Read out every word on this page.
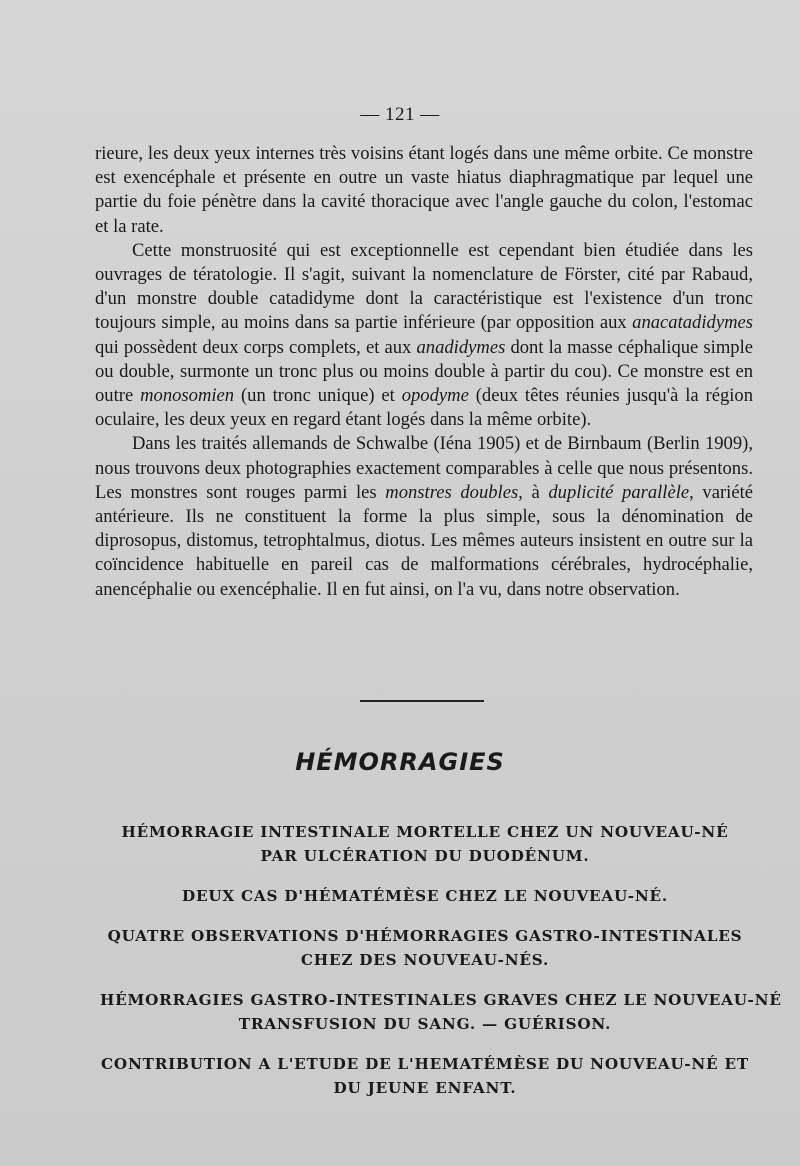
— 121 —

rieure, les deux yeux internes très voisins étant logés dans une même orbite. Ce monstre est exencéphale et présente en outre un vaste hiatus diaphragmatique par lequel une partie du foie pénètre dans la cavité thoracique avec l'angle gauche du colon, l'estomac et la rate.

Cette monstruosité qui est exceptionnelle est cependant bien étudiée dans les ouvrages de tératologie. Il s'agit, suivant la nomenclature de Förster, cité par Rabaud, d'un monstre double catadidyme dont la caractéristique est l'existence d'un tronc toujours simple, au moins dans sa partie inférieure (par opposition aux anacatadidymes qui possèdent deux corps complets, et aux anadidymes dont la masse céphalique simple ou double, surmonte un tronc plus ou moins double à partir du cou). Ce monstre est en outre monosomien (un tronc unique) et opodyme (deux têtes réunies jusqu'à la région oculaire, les deux yeux en regard étant logés dans la même orbite).

Dans les traités allemands de Schwalbe (Iéna 1905) et de Birnbaum (Berlin 1909), nous trouvons deux photographies exactement comparables à celle que nous présentons. Les monstres sont rouges parmi les monstres doubles, à duplicité parallèle, variété antérieure. Ils ne constituent la forme la plus simple, sous la dénomination de diprosopus, distomus, tetrophtalmus, diotus. Les mêmes auteurs insistent en outre sur la coïncidence habituelle en pareil cas de malformations cérébrales, hydrocéphalie, anencéphalie ou exencéphalie. Il en fut ainsi, on l'a vu, dans notre observation.

HÉMORRAGIES
HÉMORRAGIE INTESTINALE MORTELLE CHEZ UN NOUVEAU-NÉ
PAR ULCÉRATION DU DUODÉNUM.
DEUX CAS D'HÉMATÉMÈSE CHEZ LE NOUVEAU-NÉ.
QUATRE OBSERVATIONS D'HÉMORRAGIES GASTRO-INTESTINALES
CHEZ DES NOUVEAU-NÉS.
HÉMORRAGIES GASTRO-INTESTINALES GRAVES CHEZ LE NOUVEAU-NÉ
TRANSFUSION DU SANG. — GUÉRISON.
CONTRIBUTION A L'ETUDE DE L'HEMATÉMÈSE DU NOUVEAU-NÉ ET
DU JEUNE ENFANT.
